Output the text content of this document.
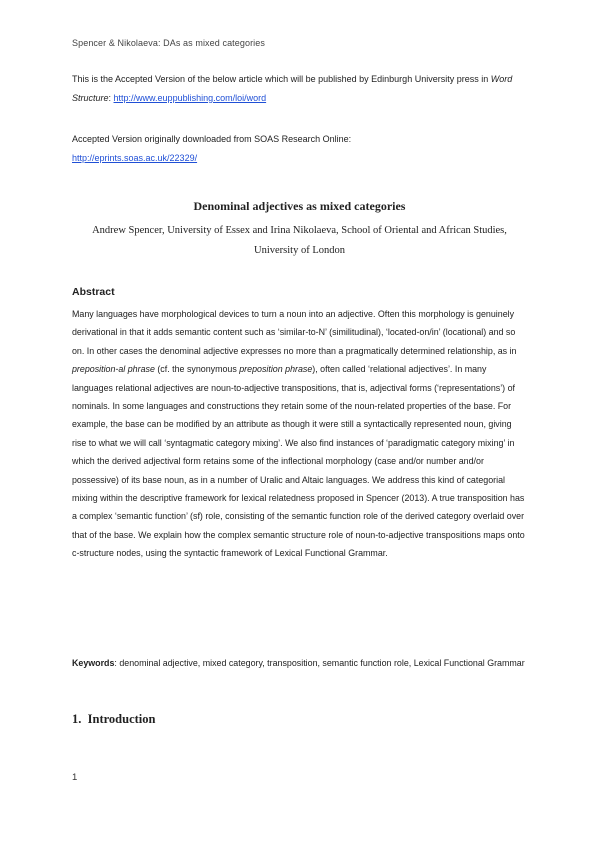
Spencer & Nikolaeva: DAs as mixed categories

This is the Accepted Version of the below article which will be published by Edinburgh University press in Word Structure: http://www.euppublishing.com/loi/word

Accepted Version originally downloaded from SOAS Research Online:

http://eprints.soas.ac.uk/22329/

Denominal adjectives as mixed categories

Andrew Spencer, University of Essex and Irina Nikolaeva, School of Oriental and African Studies, University of London

Abstract

Many languages have morphological devices to turn a noun into an adjective. Often this morphology is genuinely derivational in that it adds semantic content such as ‘similar-to-N’ (similitudinal), ‘located-on/in’ (locational) and so on. In other cases the denominal adjective expresses no more than a pragmatically determined relationship, as in preposition-al phrase (cf. the synonymous preposition phrase), often called ‘relational adjectives’. In many languages relational adjectives are noun-to-adjective transpositions, that is, adjectival forms (‘representations’) of nominals. In some languages and constructions they retain some of the noun-related properties of the base. For example, the base can be modified by an attribute as though it were still a syntactically represented noun, giving rise to what we will call ‘syntagmatic category mixing’. We also find instances of ‘paradigmatic category mixing’ in which the derived adjectival form retains some of the inflectional morphology (case and/or number and/or possessive) of its base noun, as in a number of Uralic and Altaic languages. We address this kind of categorial mixing within the descriptive framework for lexical relatedness proposed in Spencer (2013). A true transposition has a complex ‘semantic function’ (sf) role, consisting of the semantic function role of the derived category overlaid over that of the base. We explain how the complex semantic structure role of noun-to-adjective transpositions maps onto c-structure nodes, using the syntactic framework of Lexical Functional Grammar.

Keywords: denominal adjective, mixed category, transposition, semantic function role, Lexical Functional Grammar

1. Introduction
1
